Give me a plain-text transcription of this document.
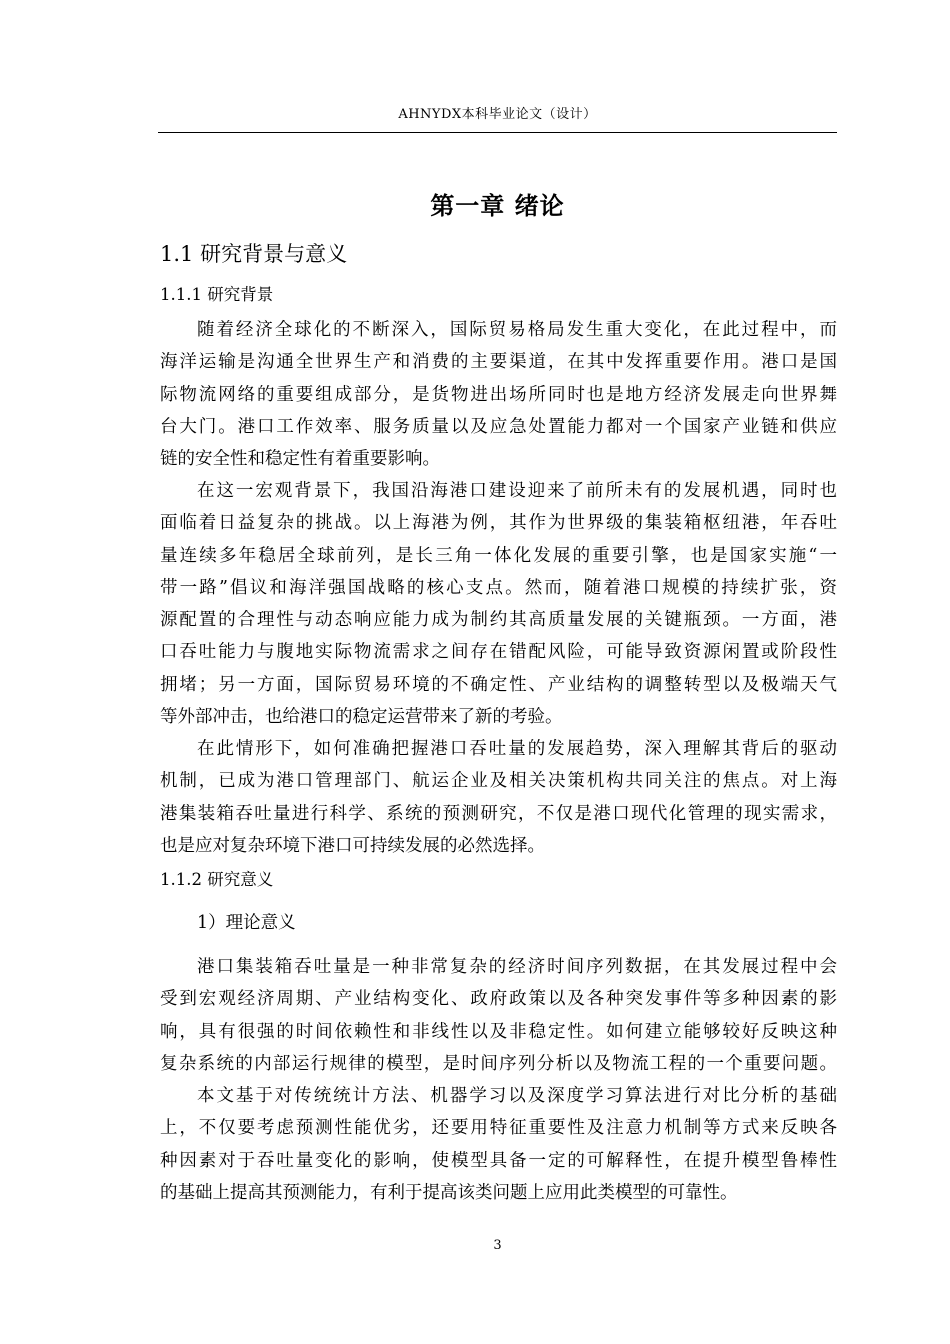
AHNYDX本科毕业论文（设计）
第一章 绪论
1.1 研究背景与意义
1.1.1 研究背景
随着经济全球化的不断深入，国际贸易格局发生重大变化，在此过程中，而
海洋运输是沟通全世界生产和消费的主要渠道，在其中发挥重要作用。港口是国
际物流网络的重要组成部分，是货物进出场所同时也是地方经济发展走向世界舞
台大门。港口工作效率、服务质量以及应急处置能力都对一个国家产业链和供应
链的安全性和稳定性有着重要影响。
在这一宏观背景下，我国沿海港口建设迎来了前所未有的发展机遇，同时也
面临着日益复杂的挑战。以上海港为例，其作为世界级的集装箱枢纽港，年吞吐
量连续多年稳居全球前列，是长三角一体化发展的重要引擎，也是国家实施“一
带一路”倡议和海洋强国战略的核心支点。然而，随着港口规模的持续扩张，资
源配置的合理性与动态响应能力成为制约其高质量发展的关键瓶颈。一方面，港
口吞吐能力与腹地实际物流需求之间存在错配风险，可能导致资源闲置或阶段性
拥堵；另一方面，国际贸易环境的不确定性、产业结构的调整转型以及极端天气
等外部冲击，也给港口的稳定运营带来了新的考验。
在此情形下，如何准确把握港口吞吐量的发展趋势，深入理解其背后的驱动
机制，已成为港口管理部门、航运企业及相关决策机构共同关注的焦点。对上海
港集装箱吞吐量进行科学、系统的预测研究，不仅是港口现代化管理的现实需求，
也是应对复杂环境下港口可持续发展的必然选择。
1.1.2 研究意义
1）理论意义
港口集装箱吞吐量是一种非常复杂的经济时间序列数据，在其发展过程中会
受到宏观经济周期、产业结构变化、政府政策以及各种突发事件等多种因素的影
响，具有很强的时间依赖性和非线性以及非稳定性。如何建立能够较好反映这种
复杂系统的内部运行规律的模型，是时间序列分析以及物流工程的一个重要问题。
本文基于对传统统计方法、机器学习以及深度学习算法进行对比分析的基础
上，不仅要考虑预测性能优劣，还要用特征重要性及注意力机制等方式来反映各
种因素对于吞吐量变化的影响，使模型具备一定的可解释性，在提升模型鲁棒性
的基础上提高其预测能力，有利于提高该类问题上应用此类模型的可靠性。
3
